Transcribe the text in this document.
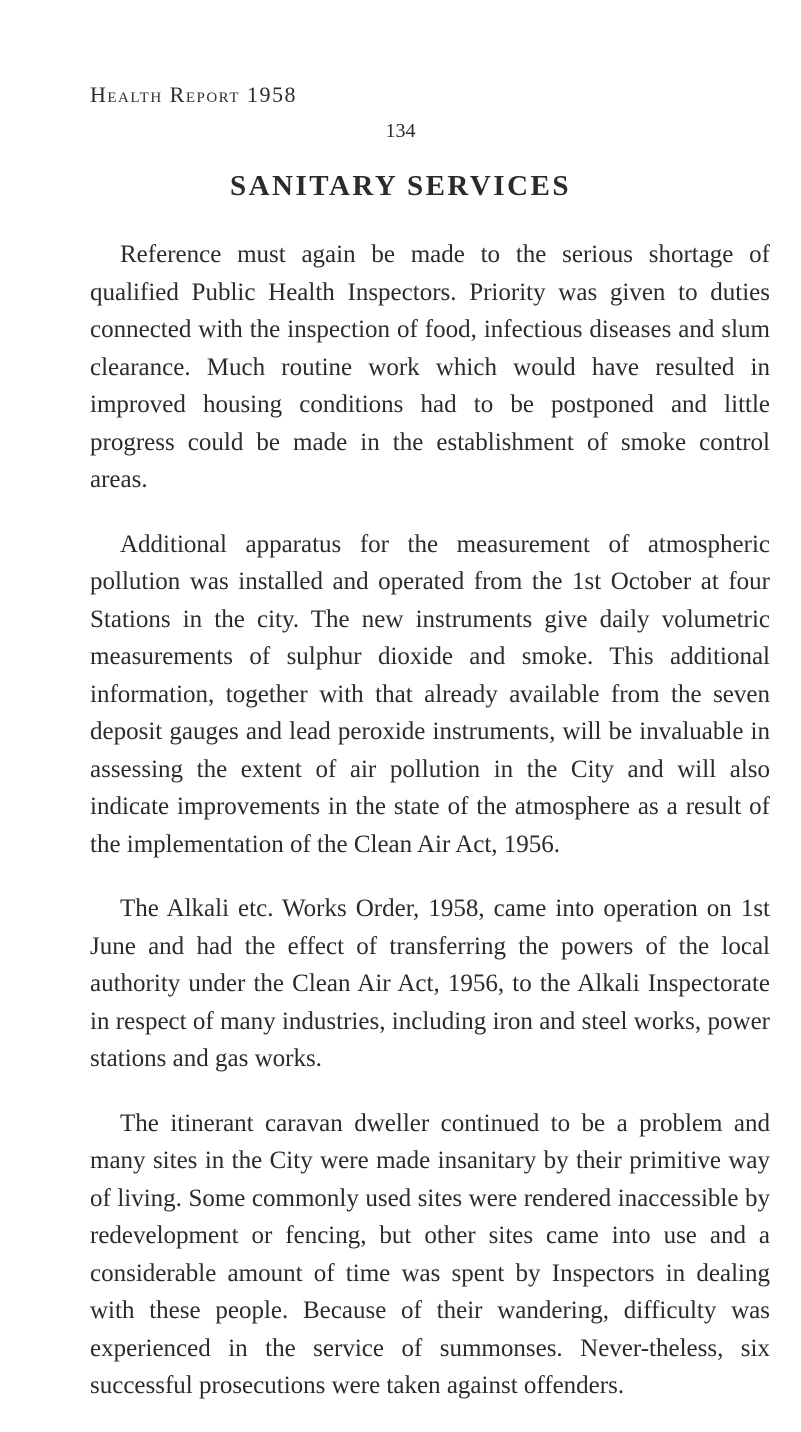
Health Report 1958

134

SANITARY SERVICES

Reference must again be made to the serious shortage of qualified Public Health Inspectors. Priority was given to duties connected with the inspection of food, infectious diseases and slum clearance. Much routine work which would have resulted in improved housing conditions had to be postponed and little progress could be made in the establishment of smoke control areas.

Additional apparatus for the measurement of atmospheric pollution was installed and operated from the 1st October at four Stations in the city. The new instruments give daily volumetric measurements of sulphur dioxide and smoke. This additional information, together with that already available from the seven deposit gauges and lead peroxide instruments, will be invaluable in assessing the extent of air pollution in the City and will also indicate improvements in the state of the atmosphere as a result of the implementation of the Clean Air Act, 1956.

The Alkali etc. Works Order, 1958, came into operation on 1st June and had the effect of transferring the powers of the local authority under the Clean Air Act, 1956, to the Alkali Inspectorate in respect of many industries, including iron and steel works, power stations and gas works.

The itinerant caravan dweller continued to be a problem and many sites in the City were made insanitary by their primitive way of living. Some commonly used sites were rendered inaccessible by redevelopment or fencing, but other sites came into use and a considerable amount of time was spent by Inspectors in dealing with these people. Because of their wandering, difficulty was experienced in the service of summonses. Never-theless, six successful prosecutions were taken against offenders.
